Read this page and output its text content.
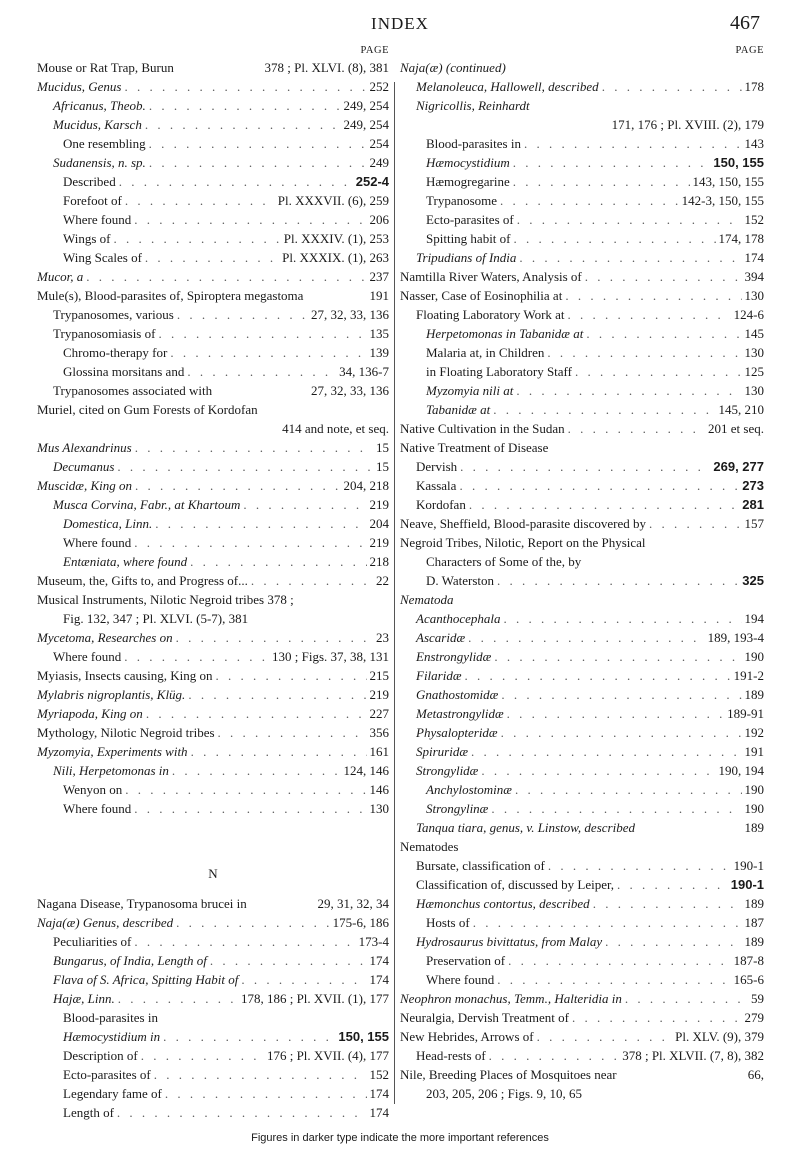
INDEX	467
PAGE
Mouse or Rat Trap, Burun	378 ; Pl. XLVI. (8), 381
Mucidus, Genus . . .	252
Africanus, Theob. . . .	249, 254
Mucidus, Karsch . . .	249, 254
One resembling . . .	254
Sudanensis, n. sp. . . .	249
Described . . .	252-4
Forefoot of . . .	Pl. XXXVII. (6), 259
Where found . . .	206
Wings of . . .	Pl. XXXIV. (1), 253
Wing Scales of . . .	Pl. XXXIX. (1), 263
Mucor, a . . .	237
Mule(s), Blood-parasites of, Spiroptera megastoma	191
Trypanosomes, various . . .	27, 32, 33, 136
Trypanosomiasis of . . .	135
Chromo-therapy for . . .	139
Glossina morsitans and . . .	34, 136-7
Trypanosomes associated with	27, 32, 33, 136
Muriel, cited on Gum Forests of Kordofan
414 and note, et seq.
Mus Alexandrinus . . .	15
Decumanus . . .	15
Muscidæ, King on . . .	204, 218
Musca Corvina, Fabr., at Khartoum . . .	219
Domestica, Linn. . . .	204
Where found . . .	219
Entæniata, where found . . .	218
Museum, the, Gifts to, and Progress of... . . .	22
Musical Instruments, Nilotic Negroid tribes 378 ;
Fig. 132, 347 ; Pl. XLVI. (5-7), 381
Mycetoma, Researches on . . .	23
Where found . . .	130 ; Figs. 37, 38, 131
Myiasis, Insects causing, King on . . .	215
Mylabris nigroplantis, Klüg. . . .	219
Myriapoda, King on . . .	227
Mythology, Nilotic Negroid tribes . . .	356
Myzomyia, Experiments with . . .	161
Nili, Herpetomonas in . . .	124, 146
Wenyon on . . .	146
Where found . . .	130
N
Nagana Disease, Trypanosoma brucei in	29, 31, 32, 34
Naja(æ) Genus, described . . .	175-6, 186
Peculiarities of . . .	173-4
Bungarus, of India, Length of . . .	174
Flava of S. Africa, Spitting Habit of . . .	174
Hajæ, Linn. . . .	178, 186 ; Pl. XVII. (1), 177
Blood-parasites in
Hæmocystidium in . . .	150, 155
Description of . . .	176 ; Pl. XVII. (4), 177
Ecto-parasites of . . .	152
Legendary fame of . . .	174
Length of . . .	174
PAGE
Naja(æ) (continued)
Melanoleuca, Hallowell, described . . .	178
Nigricollis, Reinhardt
171, 176 ; Pl. XVIII. (2), 179
Blood-parasites in . . .	143
Hæmocystidium . . .	150, 155
Hæmogregarine . . .	143, 150, 155
Trypanosome . . .	142-3, 150, 155
Ecto-parasites of . . .	152
Spitting habit of . . .	174, 178
Tripudians of India . . .	174
Namtilla River Waters, Analysis of . . .	394
Nasser, Case of Eosinophilia at . . .	130
Floating Laboratory Work at . . .	124-6
Herpetomonas in Tabanidæ at . . .	145
Malaria at, in Children . . .	130
in Floating Laboratory Staff . . .	125
Myzomyia nili at . . .	130
Tabanidæ at . . .	145, 210
Native Cultivation in the Sudan . . .	201 et seq.
Native Treatment of Disease
Dervish . . .	269, 277
Kassala . . .	273
Kordofan . . .	281
Neave, Sheffield, Blood-parasite discovered by . . .	157
Negroid Tribes, Nilotic, Report on the Physical
Characters of Some of the, by
D. Waterston . . .	325
Nematoda
Acanthocephala . . .	194
Ascaridæ . . .	189, 193-4
Enstrongylidæ . . .	190
Filaridæ . . .	191-2
Gnathostomidæ . . .	189
Metastrongylidæ . . .	189-91
Physalopteridæ . . .	192
Spiruridæ . . .	191
Strongylidæ . . .	190, 194
Anchylostominæ . . .	190
Strongylinæ . . .	190
Tanqua tiara, genus, v. Linstow, described	189
Nematodes
Bursate, classification of . . .	190-1
Classification of, discussed by Leiper, . . .	190-1
Hæmonchus contortus, described . . .	189
Hosts of . . .	187
Hydrosaurus bivittatus, from Malay . . .	189
Preservation of . . .	187-8
Where found . . .	165-6
Neophron monachus, Temm., Halteridia in . . .	59
Neuralgia, Dervish Treatment of . . .	279
New Hebrides, Arrows of . . .	Pl. XLV. (9), 379
Head-rests of . . .	378 ; Pl. XLVII. (7, 8), 382
Nile, Breeding Places of Mosquitoes near	66,
203, 205, 206 ; Figs. 9, 10, 65
Figures in darker type indicate the more important references
